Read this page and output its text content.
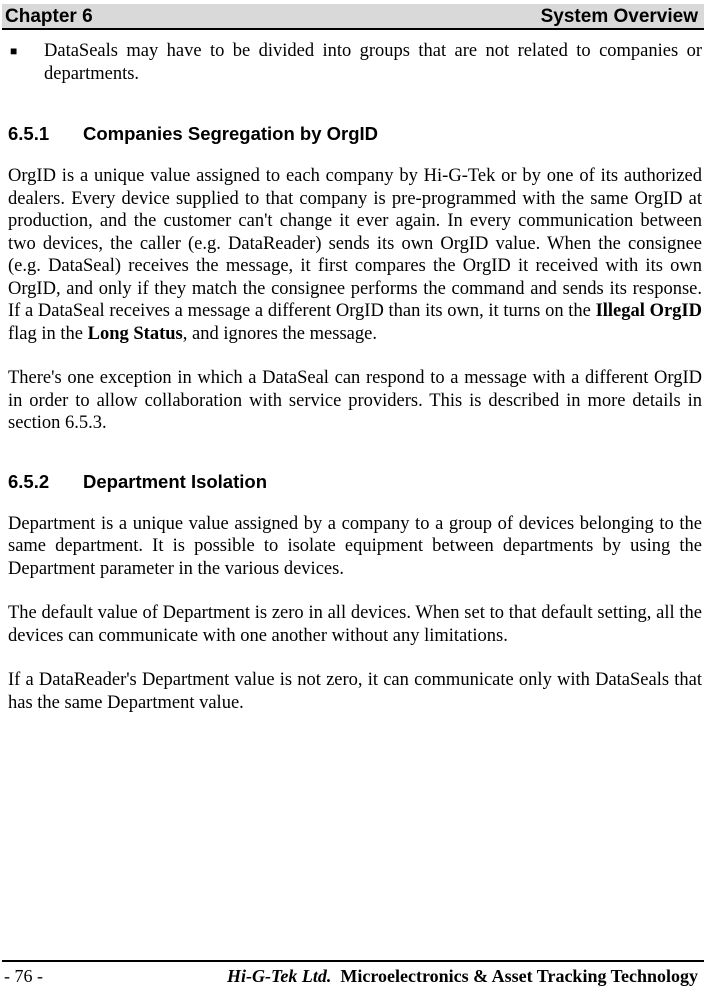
Chapter 6	System Overview
■	DataSeals may have to be divided into groups that are not related to companies or departments.
6.5.1 Companies Segregation by OrgID

OrgID is a unique value assigned to each company by Hi-G-Tek or by one of its authorized dealers. Every device supplied to that company is pre-programmed with the same OrgID at production, and the customer can't change it ever again. In every communication between two devices, the caller (e.g. DataReader) sends its own OrgID value. When the consignee (e.g. DataSeal) receives the message, it first compares the OrgID it received with its own OrgID, and only if they match the consignee performs the command and sends its response. If a DataSeal receives a message a different OrgID than its own, it turns on the Illegal OrgID flag in the Long Status, and ignores the message.

There's one exception in which a DataSeal can respond to a message with a different OrgID in order to allow collaboration with service providers. This is described in more details in section 6.5.3.

6.5.2 Department Isolation

Department is a unique value assigned by a company to a group of devices belonging to the same department. It is possible to isolate equipment between departments by using the Department parameter in the various devices.

The default value of Department is zero in all devices. When set to that default setting, all the devices can communicate with one another without any limitations.

If a DataReader's Department value is not zero, it can communicate only with DataSeals that has the same Department value.

- 76 -	Hi-G-Tek Ltd. Microelectronics & Asset Tracking Technology
